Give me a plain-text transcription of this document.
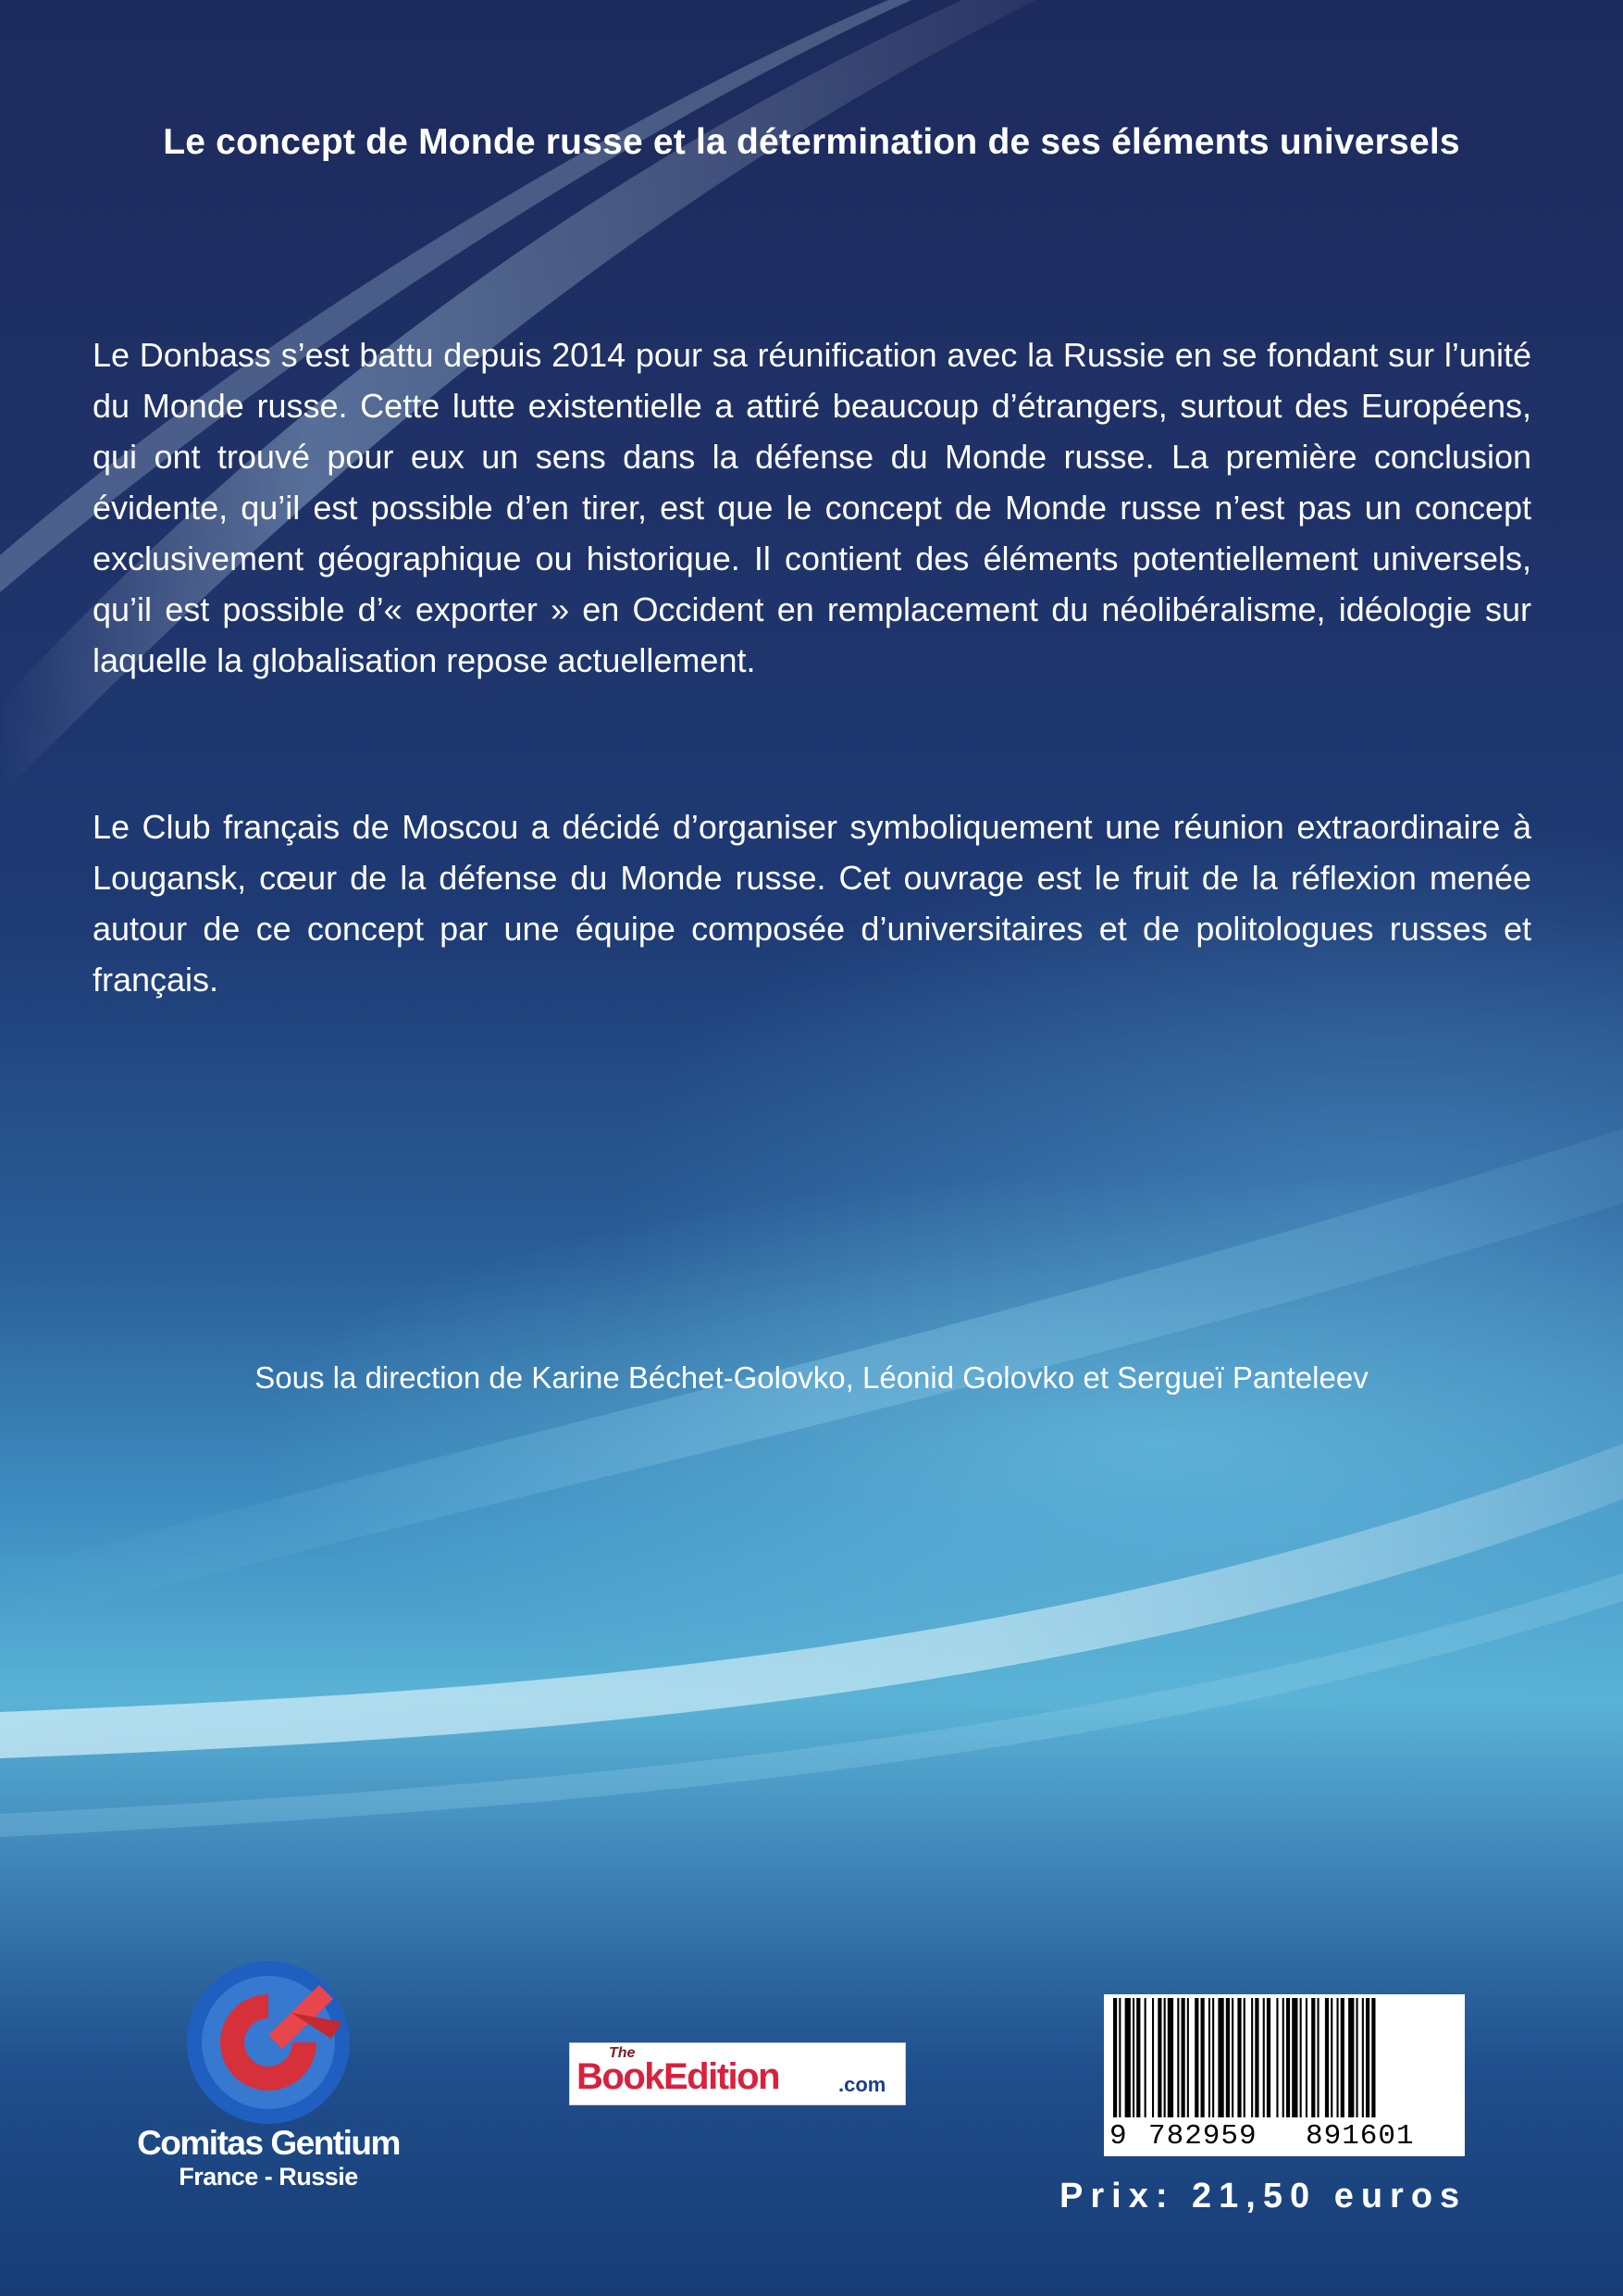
Le concept de Monde russe et la détermination de ses éléments universels

Le Donbass s’est battu depuis 2014 pour sa réunification avec la Russie en se fondant sur l’unité du Monde russe. Cette lutte existentielle a attiré beaucoup d’étrangers, surtout des Européens, qui ont trouvé pour eux un sens dans la défense du Monde russe. La première conclusion évidente, qu’il est possible d’en tirer, est que le concept de Monde russe n’est pas un concept exclusivement géographique ou historique. Il contient des éléments potentiellement universels, qu’il est possible d’« exporter » en Occident en remplacement du néolibéralisme, idéologie sur laquelle la globalisation repose actuellement.

Le Club français de Moscou a décidé d’organiser symboliquement une réunion extraordinaire à Lougansk, cœur de la défense du Monde russe. Cet ouvrage est le fruit de la réflexion menée autour de ce concept par une équipe composée d’universitaires et de politologues russes et français.

Sous la direction de Karine Béchet-Golovko, Léonid Golovko et Sergueï Panteleev
Comitas Gentium
France - Russie
The
BookEdition	.com
9 782959 891601
Prix: 21,50 euros
